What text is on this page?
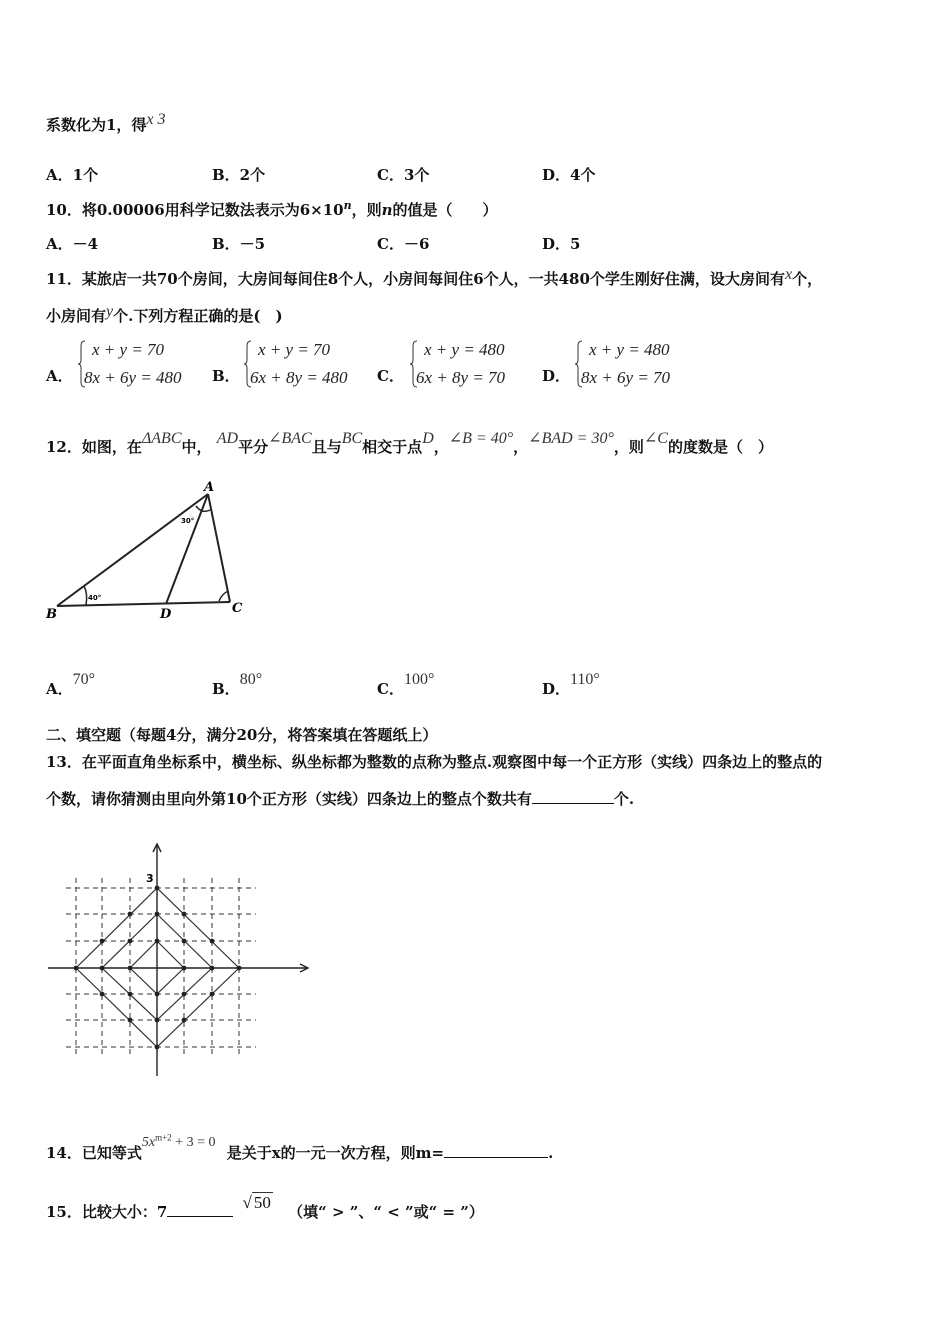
系数化为1，得x 3
A．1个	B．2个	C．3个	D．4个
10．将0.00006用科学记数法表示为$6\times 10^n$，则n的值是（　　）
A．－4	B．－5	C．－6	D．5
11．某旅店一共70个房间，大房间每间住8个人，小房间每间住6个人，一共480个学生刚好住满，设大房间有x个，
小房间有y个.下列方程正确的是(　)
A．
x + y = 70
8x + 6y = 480 B．
x + y = 70
6x + 8y = 480 C．
x + y = 480
6x + 8y = 70 D．
x + y = 480
8x + 6y = 70
12．如图，在ΔABC中， AD平分∠BAC且与BC相交于点D，∠B = 40°，∠BAD = 30°，则∠C的度数是（　）
A
B	C
D
40°
30°
A．70°
B．80°
C．100°
D．110°
二、填空题（每题4分，满分20分，将答案填在答题纸上）
13．在平面直角坐标系中，横坐标、纵坐标都为整数的点称为整点.观察图中每一个正方形（实线）四条边上的整点的
个数，请你猜测由里向外第10个正方形（实线）四条边上的整点个数共有	个.
3
14．已知等式$5x^{m+2} + 3 = 0$ 是关于x的一元一次方程，则m=	.
15．比较大小：7	√ 50 （填“ > ”、“ < ”或“ = ”）
